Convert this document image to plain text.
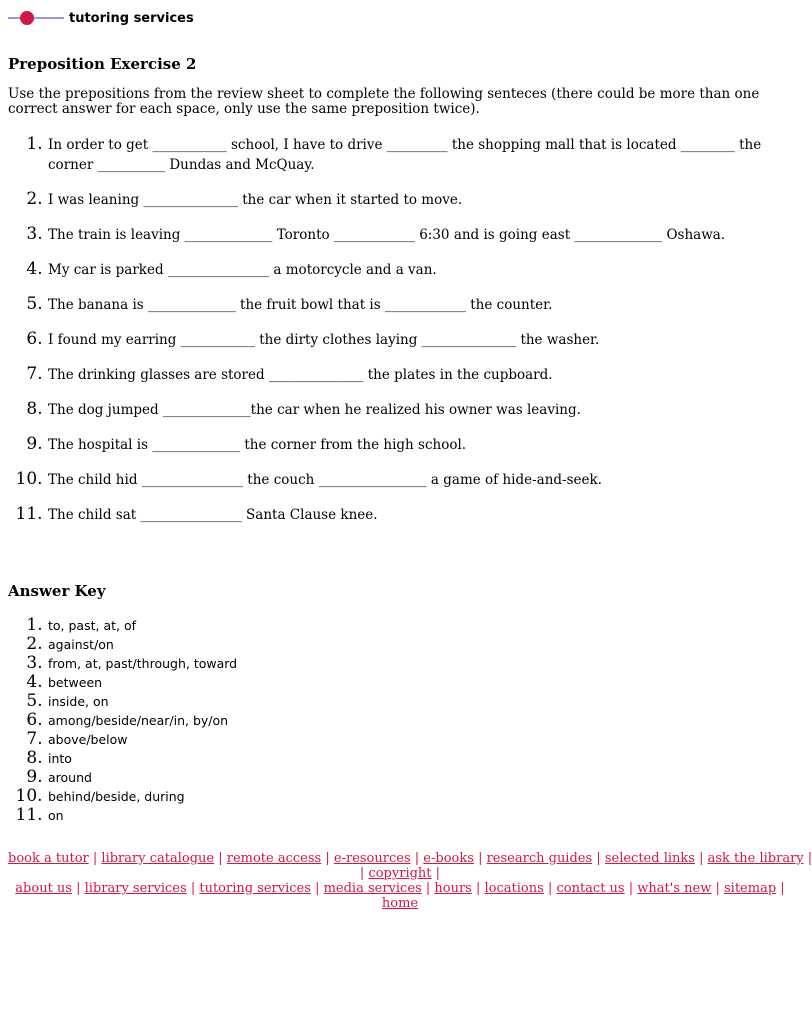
tutoring services
Preposition Exercise 2

Use the prepositions from the review sheet to complete the following senteces (there could be more than one correct answer for each space, only use the same preposition twice).

1. In order to get ___________ school, I have to drive _________ the shopping mall that is located ________ the corner __________ Dundas and McQuay.
2. I was leaning ______________ the car when it started to move.
3. The train is leaving _____________ Toronto ____________ 6:30 and is going east _____________ Oshawa.
4. My car is parked _______________ a motorcycle and a van.
5. The banana is _____________ the fruit bowl that is ____________ the counter.
6. I found my earring ___________ the dirty clothes laying ______________ the washer.
7. The drinking glasses are stored ______________ the plates in the cupboard.
8. The dog jumped _____________the car when he realized his owner was leaving.
9. The hospital is _____________ the corner from the high school.
10. The child hid _______________ the couch ________________ a game of hide-and-seek.
11. The child sat _______________ Santa Clause knee.
Answer Key
1. to, past, at, of
2. against/on
3. from, at, past/through, toward
4. between
5. inside, on
6. among/beside/near/in, by/on
7. above/below
8. into
9. around
10. behind/beside, during
11. on
book a tutor | library catalogue | remote access | e-resources | e-books | research guides | selected links | ask the library |
| copyright |
about us | library services | tutoring services | media services | hours | locations | contact us | what's new | sitemap |
home
